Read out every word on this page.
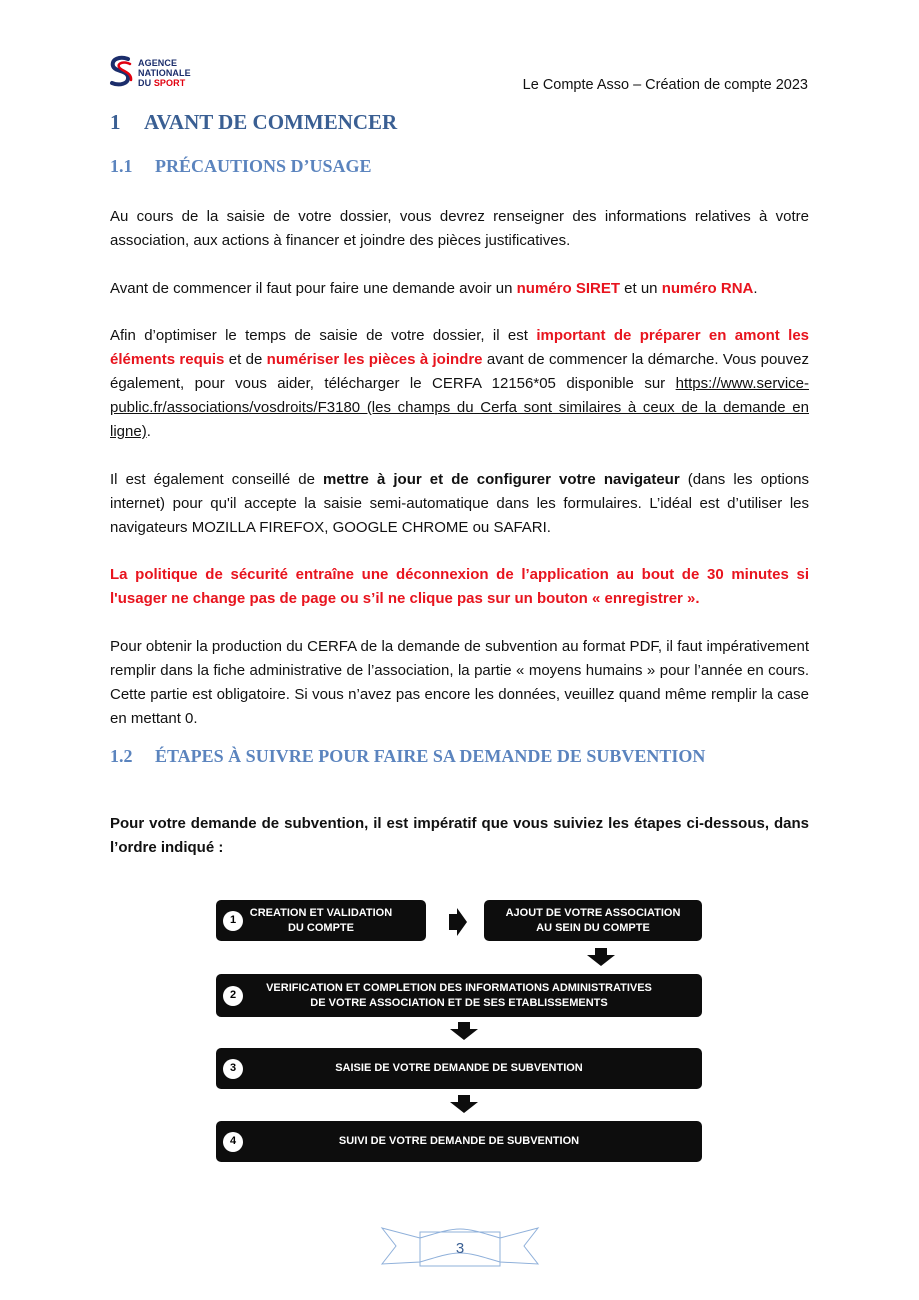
AGENCE
NATIONALE
DU SPORT	Le Compte Asso – Création de compte 2023
1 AVANT DE COMMENCER
1.1 PRÉCAUTIONS D’USAGE

Au cours de la saisie de votre dossier, vous devrez renseigner des informations relatives à votre association, aux actions à financer et joindre des pièces justificatives.

Avant de commencer il faut pour faire une demande avoir un numéro SIRET et un numéro RNA.

Afin d’optimiser le temps de saisie de votre dossier, il est important de préparer en amont les éléments requis et de numériser les pièces à joindre avant de commencer la démarche. Vous pouvez également, pour vous aider, télécharger le CERFA 12156*05 disponible sur https://www.service-public.fr/associations/vosdroits/F3180 (les champs du Cerfa sont similaires à ceux de la demande en ligne).

Il est également conseillé de mettre à jour et de configurer votre navigateur (dans les options internet) pour qu'il accepte la saisie semi-automatique dans les formulaires. L’idéal est d’utiliser les navigateurs MOZILLA FIREFOX, GOOGLE CHROME ou SAFARI.

La politique de sécurité entraîne une déconnexion de l’application au bout de 30 minutes si l'usager ne change pas de page ou s’il ne clique pas sur un bouton « enregistrer ».

Pour obtenir la production du CERFA de la demande de subvention au format PDF, il faut impérativement remplir dans la fiche administrative de l’association, la partie « moyens humains » pour l’année en cours. Cette partie est obligatoire. Si vous n’avez pas encore les données, veuillez quand même remplir la case en mettant 0.

1.2 ÉTAPES À SUIVRE POUR FAIRE SA DEMANDE DE SUBVENTION

Pour votre demande de subvention, il est impératif que vous suiviez les étapes ci-dessous, dans l’ordre indiqué :

1
CREATION ET VALIDATION
DU COMPTE
AJOUT DE VOTRE ASSOCIATION
AU SEIN DU COMPTE
2
VERIFICATION ET COMPLETION DES INFORMATIONS ADMINISTRATIVES
DE VOTRE ASSOCIATION ET DE SES ETABLISSEMENTS
3	SAISIE DE VOTRE DEMANDE DE SUBVENTION
4	SUIVI DE VOTRE DEMANDE DE SUBVENTION
3
